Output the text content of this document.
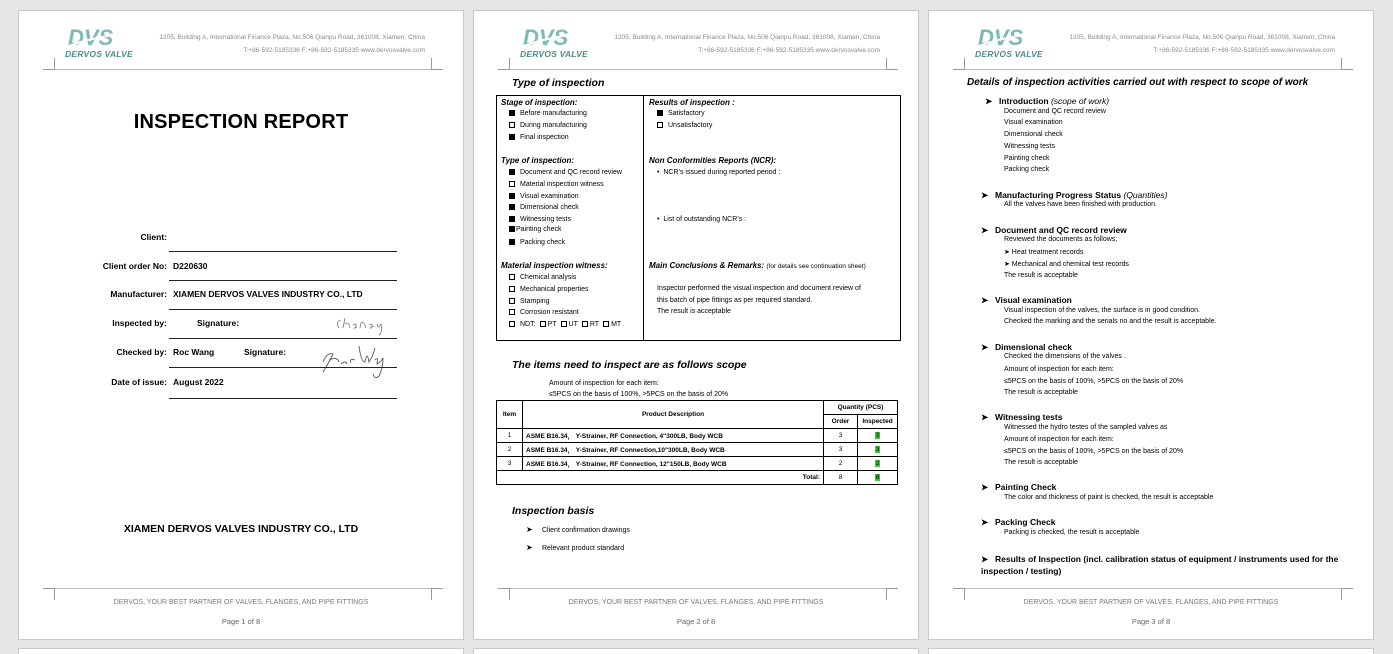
DVS
DERVOS VALVE
1205, Building A, International Finance Plaza, No.506 Qianpu Road, 361008, Xiamen, China
T:+86-592-5185336 F:+86-592-5185335 www.dervosvalve.com
INSPECTION REPORT
Client:
Client order No: D220630
Manufacturer: XIAMEN DERVOS VALVES INDUSTRY CO., LTD
Inspected by:	Signature:
Checked by: Roc Wang	Signature:
Date of issue: August 2022
XIAMEN DERVOS VALVES INDUSTRY CO., LTD
DERVOS, YOUR BEST PARTNER OF VALVES, FLANGES, AND PIPE FITTINGS
Page 1 of 8
DVS
DERVOS VALVE
1205, Building A, International Finance Plaza, No.506 Qianpu Road, 361008, Xiamen, China
T:+86-592-5185336 F:+86-592-5185335 www.dervosvalve.com
Type of inspection
Stage of inspection:
Before manufacturing
During manufacturing
Final inspection
Type of inspection:
Document and QC record review
Material inspection witness
Visual examination
Dimensional check
Witnessing tests
Painting check
Packing check
Material inspection witness:
Chemical analysis
Mechanical properties
Stamping
Corrosion resistant
NDT: PT UT RT MT
Results of inspection :
Satisfactory
Unsatisfactory
Non Conformities Reports (NCR):
•  NCR’s issued during reported period :
•  List of outstanding NCR’s :
Main Conclusions & Remarks: (for details see continuation sheet)
Inspector performed the visual inspection and document review of
this batch of pipe fittings as per required standard.
The result is acceptable
The items need to inspect are as follows scope
Amount of inspection for each item:
≤5PCS on the basis of 100%, >5PCS on the basis of 20%
Item	Product Description	Quantity (PCS)	
		Order	Inspected
1	ASME B16.34， Y-Strainer, RF Connection, 4"300LB, Body WCB	3	3
2	ASME B16.34， Y-Strainer, RF Connection,10"300LB, Body WCB	3	3
3	ASME B16.34， Y-Strainer, RF Connection, 12"150LB, Body WCB	2	2
Total:		8	8
Inspection basis
➤ Client confirmation drawings
➤ Relevant product standard
DERVOS, YOUR BEST PARTNER OF VALVES, FLANGES, AND PIPE FITTINGS
Page 2 of 8
DVS
DERVOS VALVE
1205, Building A, International Finance Plaza, No.506 Qianpu Road, 361008, Xiamen, China
T:+86-592-5185336 F:+86-592-5185335 www.dervosvalve.com
Details of inspection activities carried out with respect to scope of work
➤ Introduction (scope of work)
Document and QC record review
Visual examination
Dimensional check
Witnessing tests
Painting check
Packing check
➤ Manufacturing Progress Status (Quantities)
All the valves have been finished with production.
➤ Document and QC record review
Reviewed the documents as follows;
➤ Heat treatment records
➤ Mechanical and chemical test records
The result is acceptable
➤ Visual examination
Visual inspection of the valves, the surface is in good condition.
Checked the marking and the serials no and the result is acceptable.
➤ Dimensional check
Checked the dimensions of the valves .
Amount of inspection for each item:
≤5PCS on the basis of 100%, >5PCS on the basis of 20%
The result is acceptable
➤ Witnessing tests
Witnessed the hydro testes of the sampled valves as
Amount of inspection for each item:
≤5PCS on the basis of 100%, >5PCS on the basis of 20%
The result is acceptable
➤ Painting Check
The color and thickness of paint is checked, the result is acceptable
➤ Packing Check
Packing is checked, the result is acceptable
➤ Results of Inspection (incl. calibration status of equipment / instruments used for the inspection / testing)
DERVOS, YOUR BEST PARTNER OF VALVES, FLANGES, AND PIPE FITTINGS
Page 3 of 8
